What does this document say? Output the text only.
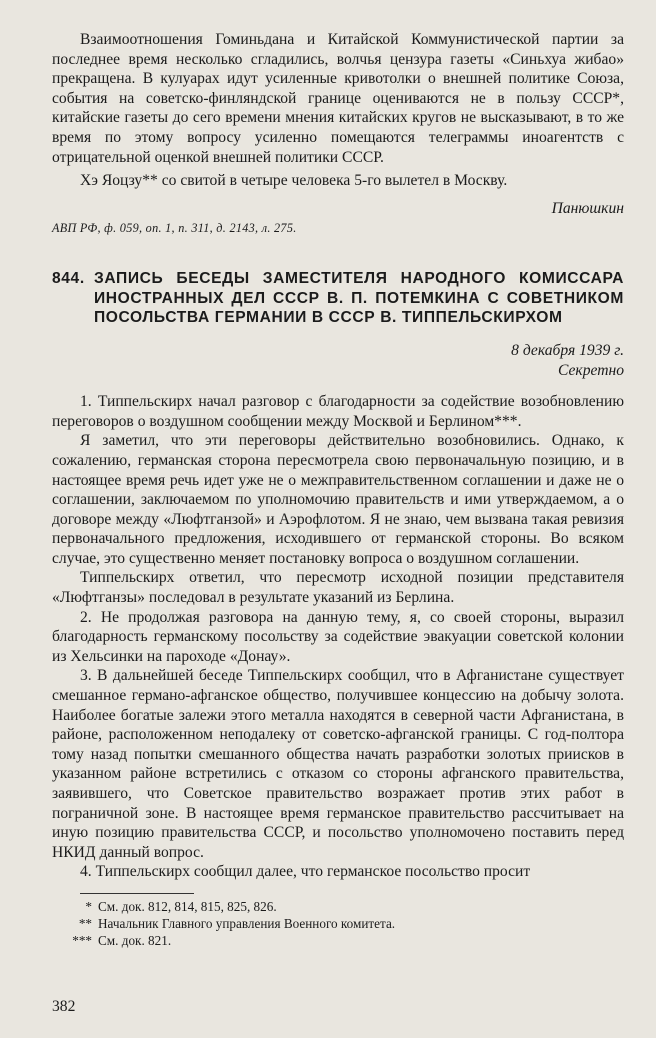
Взаимоотношения Гоминьдана и Китайской Коммунистической партии за последнее время несколько сгладились, волчья цензура газеты «Синьхуа жибао» прекращена. В кулуарах идут усиленные кривотолки о внешней политике Союза, события на советско-финляндской границе оцениваются не в пользу СССР*, китайские газеты до сего времени мнения китайских кругов не высказывают, в то же время по этому вопросу усиленно помещаются телеграммы иноагентств с отрицательной оценкой внешней политики СССР.

Хэ Яоцзу** со свитой в четыре человека 5-го вылетел в Москву.

Панюшкин

АВП РФ, ф. 059, оп. 1, п. 311, д. 2143, л. 275.

844. ЗАПИСЬ БЕСЕДЫ ЗАМЕСТИТЕЛЯ НАРОДНОГО КОМИССАРА ИНОСТРАННЫХ ДЕЛ СССР В. П. ПОТЕМКИНА С СОВЕТНИКОМ ПОСОЛЬСТВА ГЕРМАНИИ В СССР В. ТИППЕЛЬСКИРХОМ

8 декабря 1939 г.

Секретно

1. Типпельскирх начал разговор с благодарности за содействие возобновлению переговоров о воздушном сообщении между Москвой и Берлином***.

Я заметил, что эти переговоры действительно возобновились. Однако, к сожалению, германская сторона пересмотрела свою первоначальную позицию, и в настоящее время речь идет уже не о межправительственном соглашении и даже не о соглашении, заключаемом по уполномочию правительств и ими утверждаемом, а о договоре между «Люфтганзой» и Аэрофлотом. Я не знаю, чем вызвана такая ревизия первоначального предложения, исходившего от германской стороны. Во всяком случае, это существенно меняет постановку вопроса о воздушном соглашении.

Типпельскирх ответил, что пересмотр исходной позиции представителя «Люфтганзы» последовал в результате указаний из Берлина.

2. Не продолжая разговора на данную тему, я, со своей стороны, выразил благодарность германскому посольству за содействие эвакуации советской колонии из Хельсинки на пароходе «Донау».

3. В дальнейшей беседе Типпельскирх сообщил, что в Афганистане существует смешанное германо-афганское общество, получившее концессию на добычу золота. Наиболее богатые залежи этого металла находятся в северной части Афганистана, в районе, расположенном неподалеку от советско-афганской границы. С год-полтора тому назад попытки смешанного общества начать разработки золотых приисков в указанном районе встретились с отказом со стороны афганского правительства, заявившего, что Советское правительство возражает против этих работ в пограничной зоне. В настоящее время германское правительство рассчитывает на иную позицию правительства СССР, и посольство уполномочено поставить перед НКИД данный вопрос.

4. Типпельскирх сообщил далее, что германское посольство просит

* См. док. 812, 814, 815, 825, 826.

** Начальник Главного управления Военного комитета.

*** См. док. 821.

382
